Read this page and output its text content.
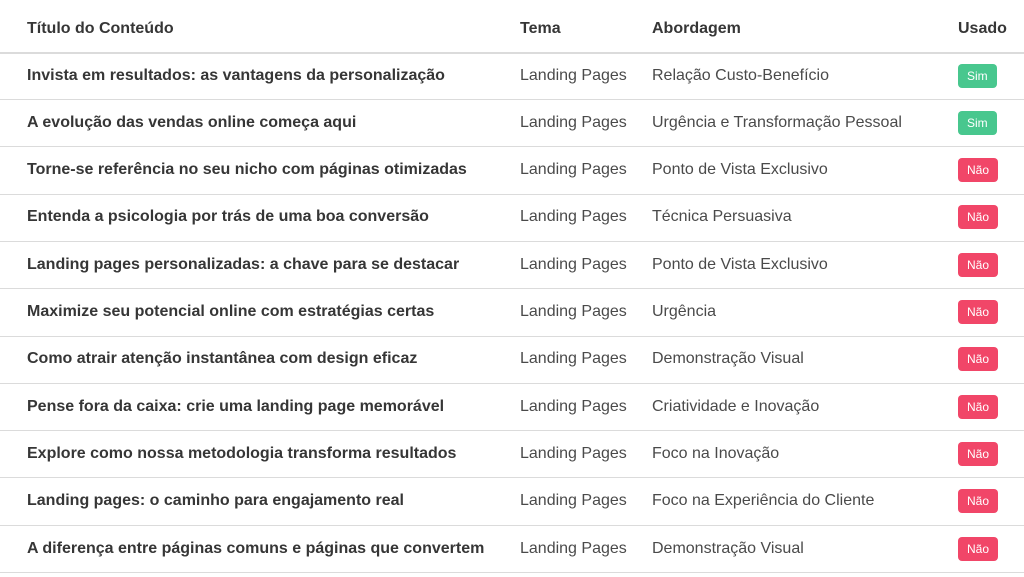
Título do Conteúdo	Tema	Abordagem	Usado
Invista em resultados: as vantagens da personalização	Landing Pages	Relação Custo-Benefício	Sim
A evolução das vendas online começa aqui	Landing Pages	Urgência e Transformação Pessoal	Sim
Torne-se referência no seu nicho com páginas otimizadas	Landing Pages	Ponto de Vista Exclusivo	Não
Entenda a psicologia por trás de uma boa conversão	Landing Pages	Técnica Persuasiva	Não
Landing pages personalizadas: a chave para se destacar	Landing Pages	Ponto de Vista Exclusivo	Não
Maximize seu potencial online com estratégias certas	Landing Pages	Urgência	Não
Como atrair atenção instantânea com design eficaz	Landing Pages	Demonstração Visual	Não
Pense fora da caixa: crie uma landing page memorável	Landing Pages	Criatividade e Inovação	Não
Explore como nossa metodologia transforma resultados	Landing Pages	Foco na Inovação	Não
Landing pages: o caminho para engajamento real	Landing Pages	Foco na Experiência do Cliente	Não
A diferença entre páginas comuns e páginas que convertem	Landing Pages	Demonstração Visual	Não
